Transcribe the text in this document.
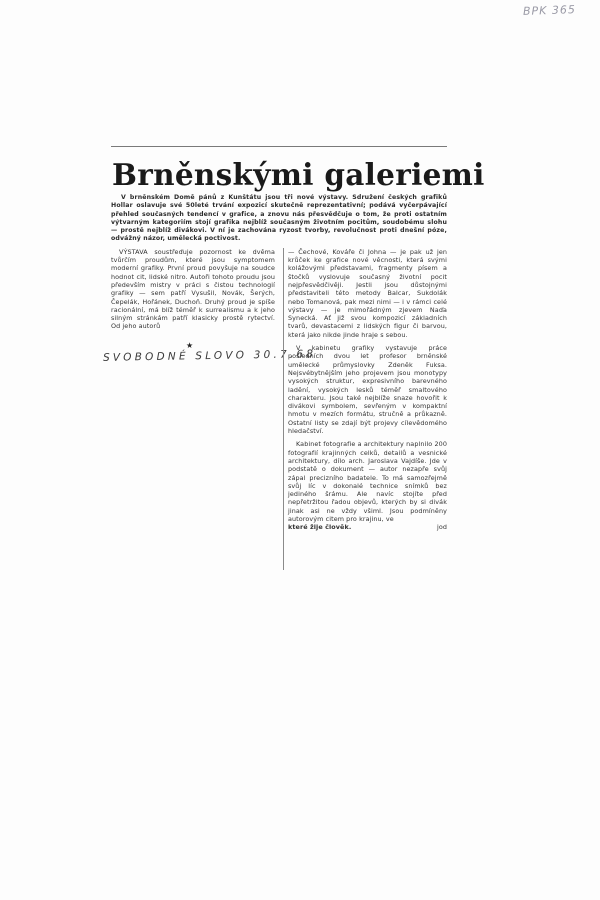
BPK 365
Brněnskými galeriemi
V brněnském Domě pánů z Kunštátu jsou tři nové výstavy. Sdružení českých grafiků Hollar oslavuje své 50leté trvání expozicí skutečně reprezentativní; podává vyčerpávající přehled současných tendencí v grafice, a znovu nás přesvědčuje o tom, že proti ostatním výtvarným kategoriím stojí grafika nejblíž současným životním pocitům, soudobému slohu — prostě nejblíž divákovi. V ní je zachována ryzost tvorby, revolučnost proti dnešní póze, odvážný názor, umělecká poctivost.

VÝSTAVA soustřeďuje pozornost ke dvěma tvůrčím proudům, které jsou symptomem moderní grafiky. První proud povyšuje na soudce hodnot cit, lidské nitro. Autoři tohoto proudu jsou především mistry v práci s čistou technologií grafiky — sem patří Vysušil, Novák, Šerých, Čepelák, Hořánek, Duchoň. Druhý proud je spíše racionální, má blíž téměř k surrealismu a k jeho silným stránkám patří klasicky prostě rytectví. Od jeho autorů

★
SVOBODNÉ SLOVO 30.7.68

— Čechové, Kováře či Johna — je pak už jen krůček ke grafice nové věcnosti, která svými kolážovými představami, fragmenty písem a štočků vyslovuje současný životní pocit nejpřesvědčivěji. Jestli jsou důstojnými představiteli této metody Balcar, Sukdolák nebo Tomanová, pak mezi nimi — i v rámci celé výstavy — je mimořádným zjevem Naďa Synecká. Ať již svou kompozicí základních tvarů, devastacemi z lidských figur či barvou, která jako nikde jinde hraje s sebou.

V kabinetu grafiky vystavuje práce posledních dvou let profesor brněnské umělecké průmyslovky Zdeněk Fuksa. Nejsvébytnějším jeho projevem jsou monotypy vysokých struktur, expresivního barevného ladění, vysokých lesků téměř smaltového charakteru. Jsou také nejblíže snaze hovořit k divákovi symbolem, sevřeným v kompaktní hmotu v mezích formátu, stručně a průkazně. Ostatní listy se zdají být projevy cílevědomého hledačství.

Kabinet fotografie a architektury naplnilo 200 fotografií krajinných celků, detailů a vesnické architektury, dílo arch. Jaroslava Vajdíše. Jde v podstatě o dokument — autor nezapře svůj zápal precizního badatele. To má samozřejmě svůj líc v dokonalé technice snímků bez jediného šrámu. Ale navíc stojíte před nepřetržitou řadou objevů, kterých by si divák jinak asi ne vždy všiml. Jsou podmíněny autorovým citem pro krajinu, ve

které žije člověk.	jod
